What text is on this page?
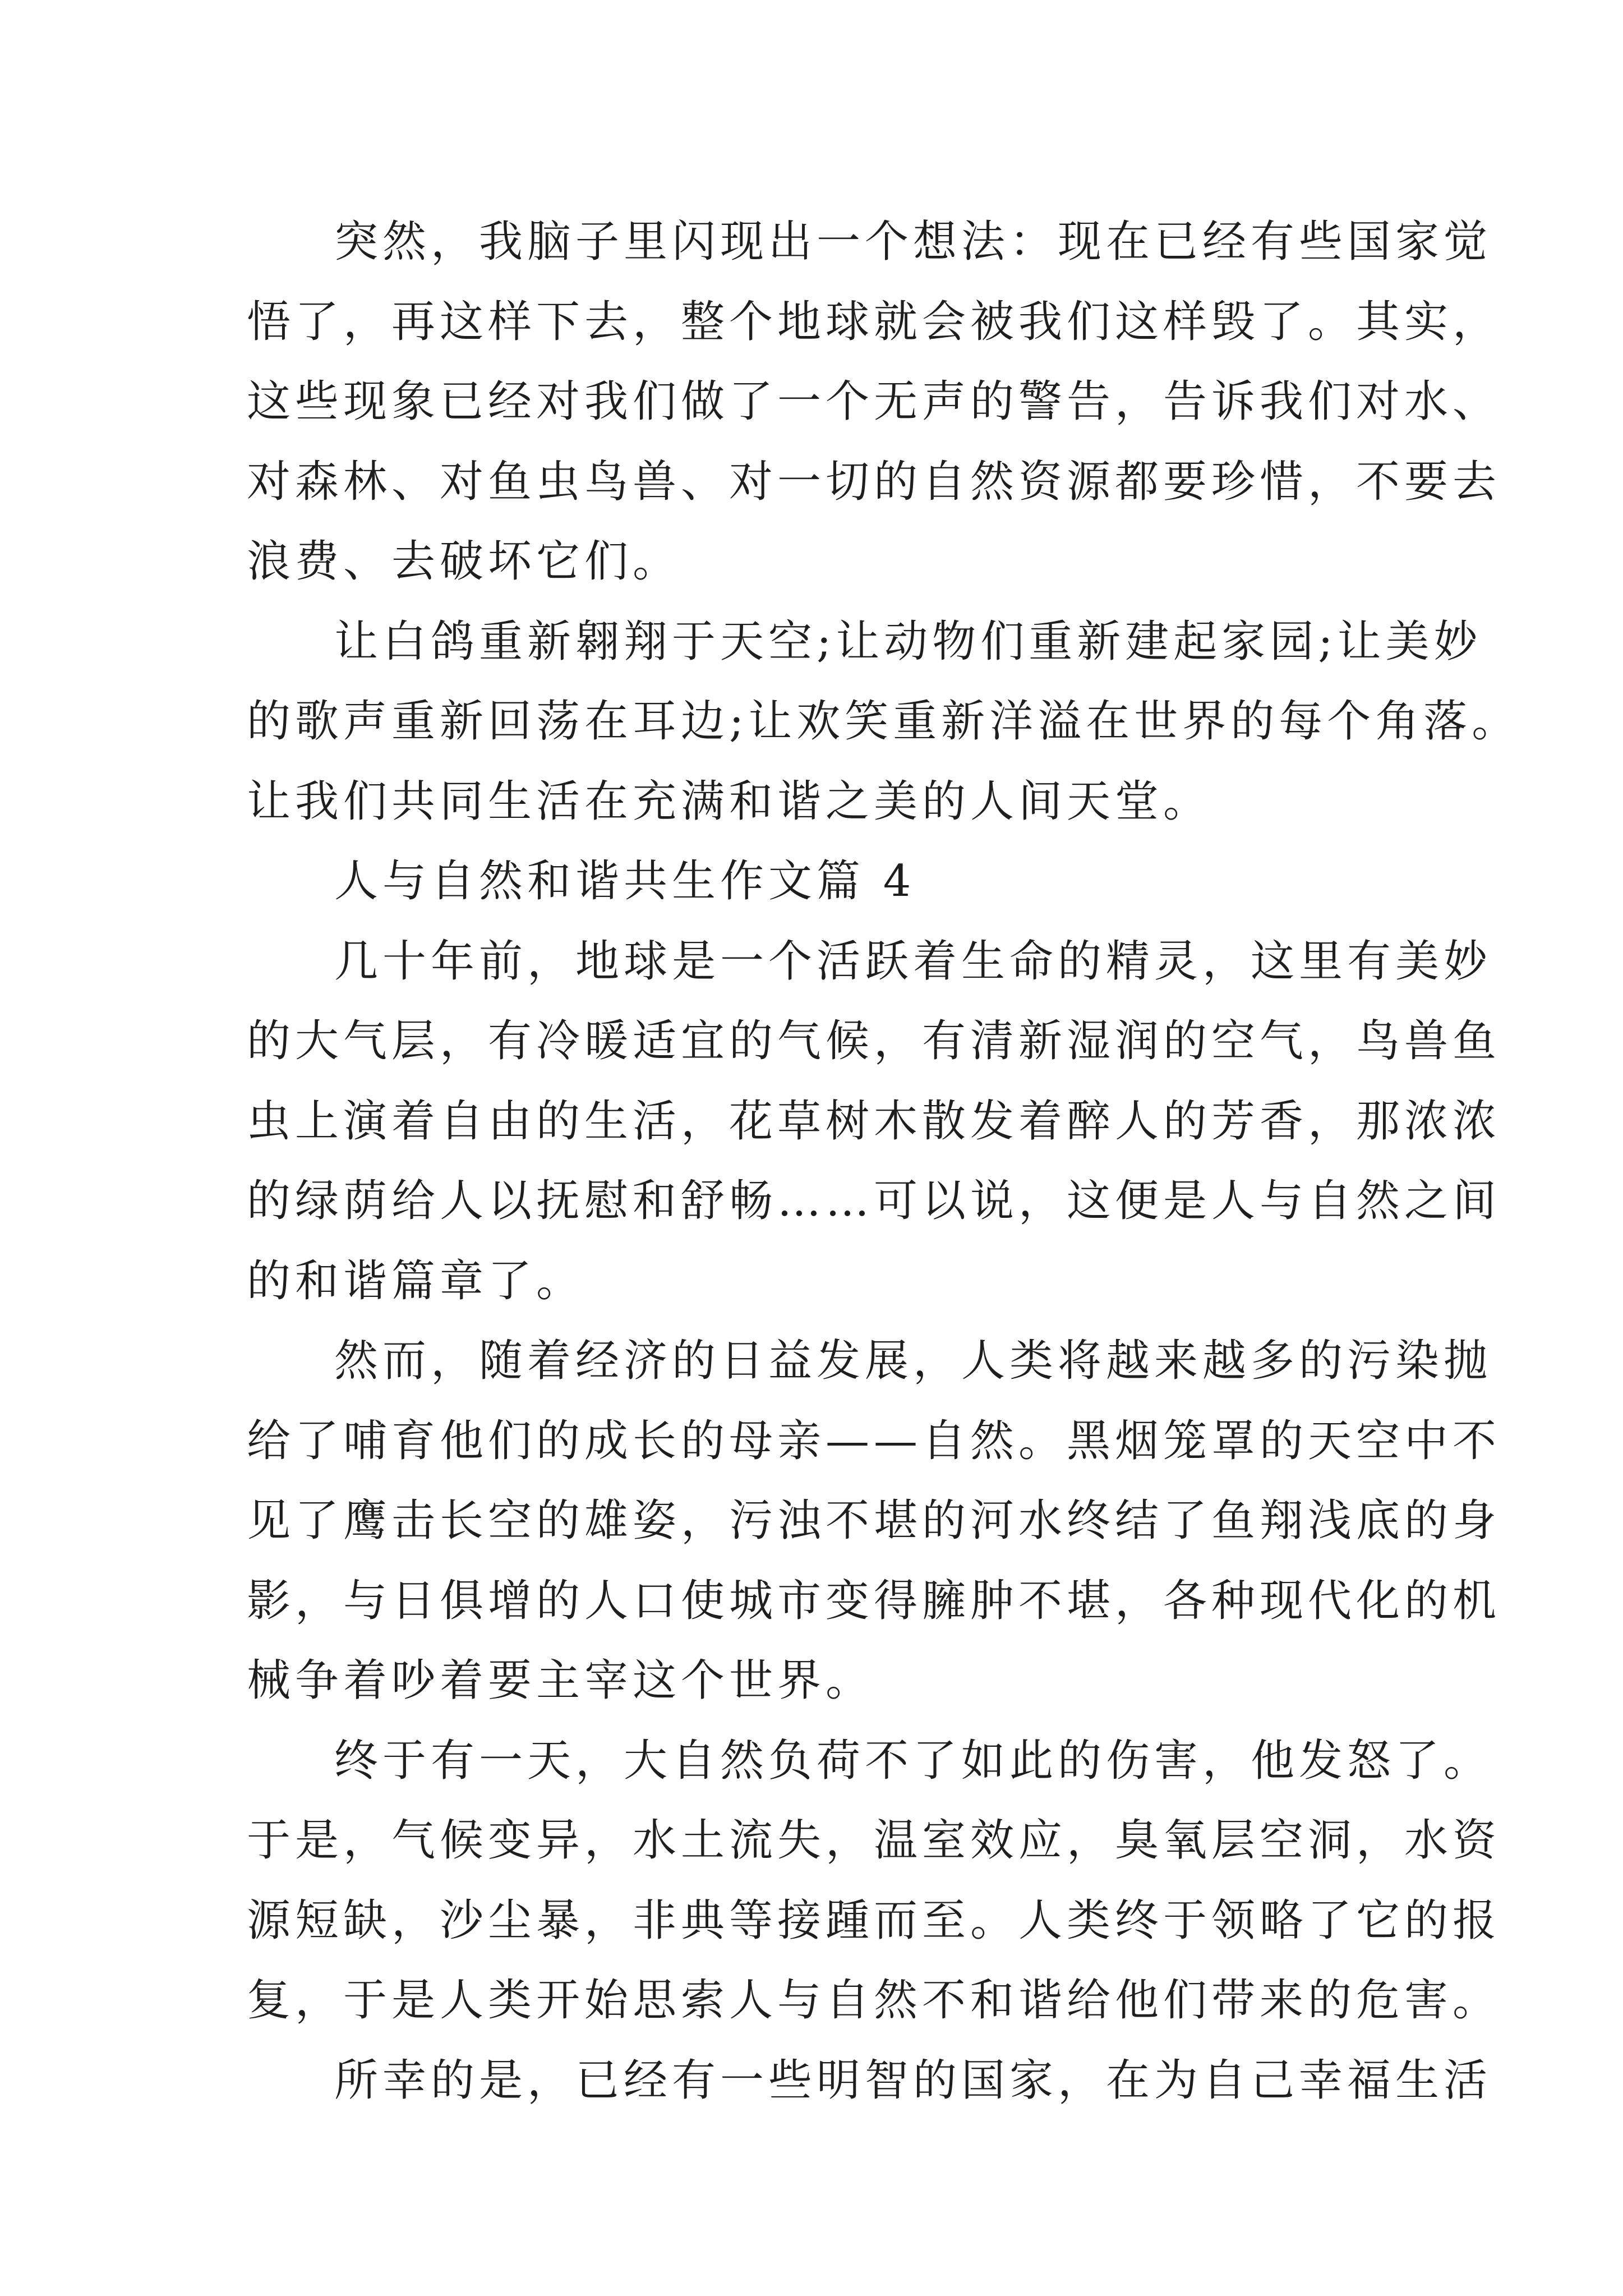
突然，我脑子里闪现出一个想法：现在已经有些国家觉
悟了，再这样下去，整个地球就会被我们这样毁了。其实，
这些现象已经对我们做了一个无声的警告，告诉我们对水、
对森林、对鱼虫鸟兽、对一切的自然资源都要珍惜，不要去
浪费、去破坏它们。
让白鸽重新翱翔于天空;让动物们重新建起家园;让美妙
的歌声重新回荡在耳边;让欢笑重新洋溢在世界的每个角落。
让我们共同生活在充满和谐之美的人间天堂。
人与自然和谐共生作文篇 4
几十年前，地球是一个活跃着生命的精灵，这里有美妙
的大气层，有冷暖适宜的气候，有清新湿润的空气，鸟兽鱼
虫上演着自由的生活，花草树木散发着醉人的芳香，那浓浓
的绿荫给人以抚慰和舒畅……可以说，这便是人与自然之间
的和谐篇章了。
然而，随着经济的日益发展，人类将越来越多的污染抛
给了哺育他们的成长的母亲——自然。黑烟笼罩的天空中不
见了鹰击长空的雄姿，污浊不堪的河水终结了鱼翔浅底的身
影，与日俱增的人口使城市变得臃肿不堪，各种现代化的机
械争着吵着要主宰这个世界。
终于有一天，大自然负荷不了如此的伤害，他发怒了。
于是，气候变异，水土流失，温室效应，臭氧层空洞，水资
源短缺，沙尘暴，非典等接踵而至。人类终于领略了它的报
复，于是人类开始思索人与自然不和谐给他们带来的危害。
所幸的是，已经有一些明智的国家，在为自己幸福生活
